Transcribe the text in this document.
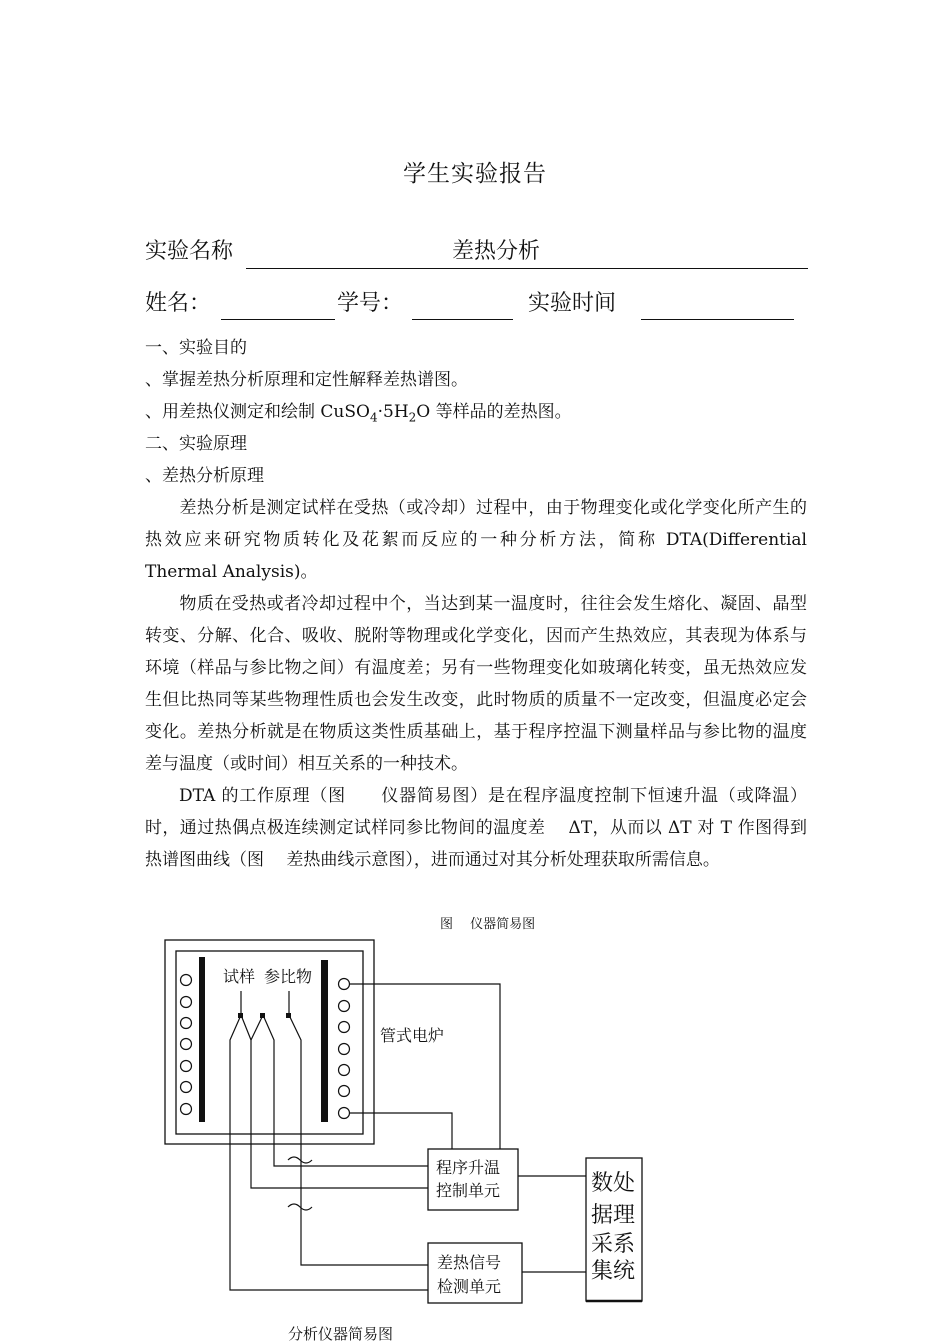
学生实验报告
实验名称	差热分析
姓名：	学号：	实验时间
一、实验目的
、掌握差热分析原理和定性解释差热谱图。
、用差热仪测定和绘制 $CuSO_4\cdot 5H_2O$ 等样品的差热图。
二、实验原理
、差热分析原理
差热分析是测定试样在受热（或冷却）过程中，由于物理变化或化学变化所产生的热效应来研究物质转化及花絮而反应的一种分析方法，简称 DTA(Differential Thermal Analysis)。
物质在受热或者冷却过程中个，当达到某一温度时，往往会发生熔化、凝固、晶型转变、分解、化合、吸收、脱附等物理或化学变化，因而产生热效应，其表现为体系与环境（样品与参比物之间）有温度差；另有一些物理变化如玻璃化转变，虽无热效应发生但比热同等某些物理性质也会发生改变，此时物质的质量不一定改变，但温度必定会变化。差热分析就是在物质这类性质基础上，基于程序控温下测量样品与参比物的温度差与温度（或时间）相互关系的一种技术。
DTA 的工作原理（图　　仪器简易图）是在程序温度控制下恒速升温（或降温）时，通过热偶点极连续测定试样同参比物间的温度差　 ΔT，从而以 ΔT 对 T 作图得到热谱图曲线（图　 差热曲线示意图），进而通过对其分析处理获取所需信息。
图　 仪器简易图
试样 参比物
管式电炉
程序升温
控制单元
差热信号
检测单元
数
据
采
集
处
理
系
统
分析仪器简易图
